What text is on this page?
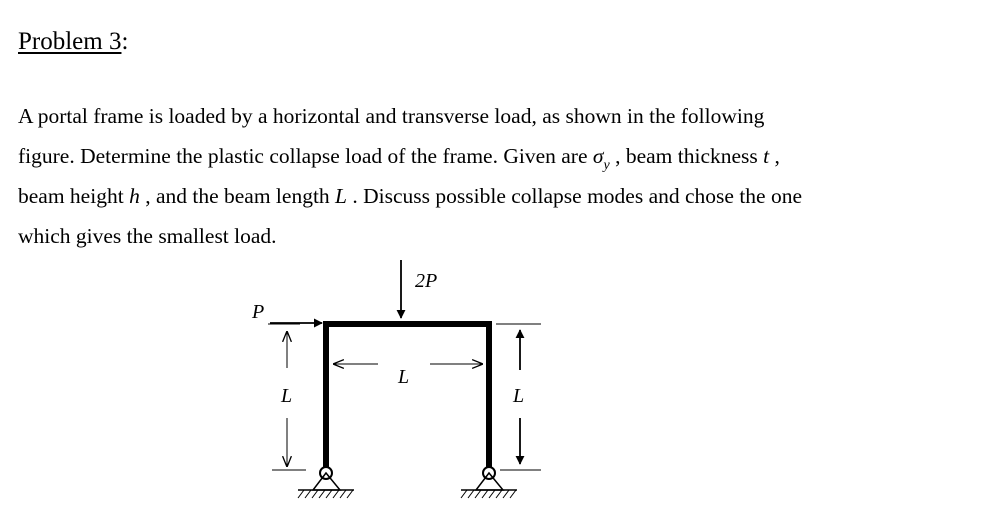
Problem 3:
A portal frame is loaded by a horizontal and transverse load, as shown in the following
figure. Determine the plastic collapse load of the frame. Given are $\sigma_y$ , beam thickness t ,
beam height h , and the beam length L . Discuss possible collapse modes and chose the one
which gives the smallest load.
P
2P
L
L
L
